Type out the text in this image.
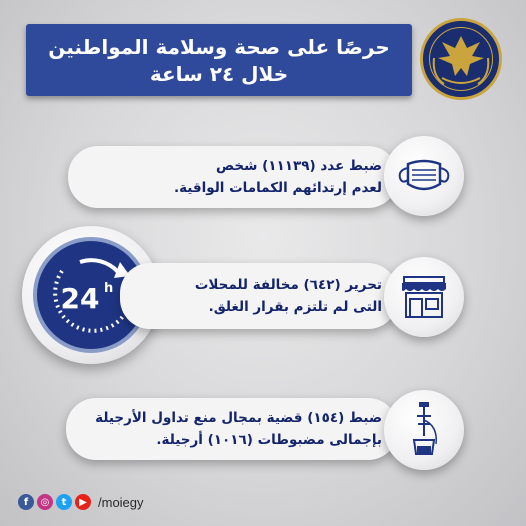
حرصًا على صحة وسلامة المواطنين
خلال ٢٤ ساعة
ضبط عدد (١١١٣٩) شخص
لعدم إرتدائهم الكمامات الواقية.
24 h	تحرير (٦٤٢) مخالفة للمحلات
التى لم تلتزم بقرار الغلق.
ضبط (١٥٤) قضية بمجال منع تداول الأرجيلة
بإجمالى مضبوطات (١٠١٦) أرجيلة.
f	◎	t	▶ /moiegy
